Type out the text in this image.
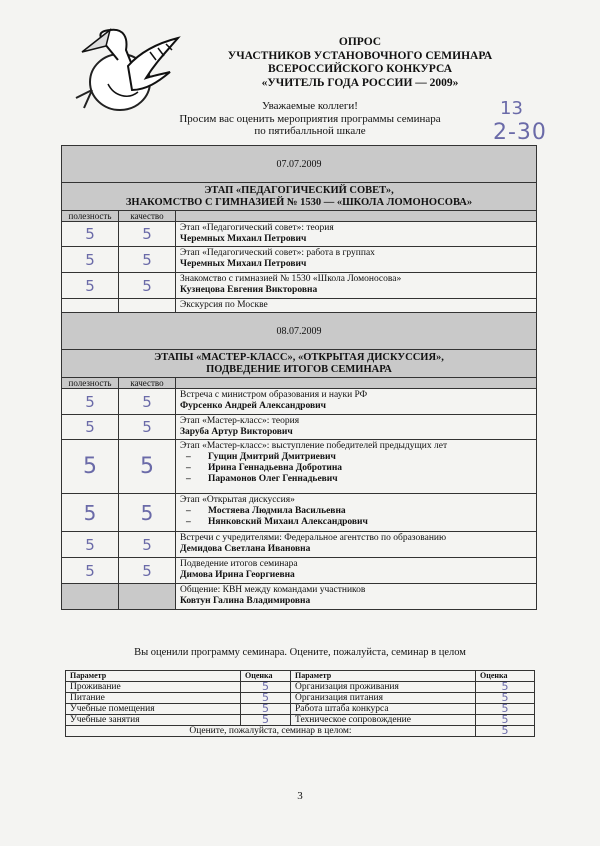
ОПРОС
УЧАСТНИКОВ УСТАНОВОЧНОГО СЕМИНАРА
ВСЕРОССИЙСКОГО КОНКУРСА
«УЧИТЕЛЬ ГОДА РОССИИ — 2009»
Уважаемые коллеги!
Просим вас оценить мероприятия программы семинара
по пятибалльной шкале
13
2-30
07.07.2009		

ЭТАП «ПЕДАГОГИЧЕСКИЙ СОВЕТ»,
ЗНАКОМСТВО С ГИМНАЗИЕЙ № 1530 — «ШКОЛА ЛОМОНОСОВА»		

полезность	качество	
5	5	Этап «Педагогический совет»: теория
Черемных Михаил Петрович
5	5	Этап «Педагогический совет»: работа в группах
Черемных Михаил Петрович
5	5	Знакомство с гимназией № 1530 «Школа Ломоносова»
Кузнецова Евгения Викторовна
		Экскурсия по Москве
08.07.2009		

ЭТАПЫ «МАСТЕР-КЛАСС», «ОТКРЫТАЯ ДИСКУССИЯ»,
ПОДВЕДЕНИЕ ИТОГОВ СЕМИНАРА		

полезность	качество	
5	5	Встреча с министром образования и науки РФ
Фурсенко Андрей Александрович
5	5	Этап «Мастер-класс»: теория
Заруба Артур Викторович
5	5	Этап «Мастер-класс»: выступление победителей предыдущих лет
– Гущин Дмитрий Дмитриевич
– Ирина Геннадьевна Добротина
– Парамонов Олег Геннадьевич

5	5	Этап «Открытая дискуссия»
– Мостяева Людмила Васильевна
– Нянковский Михаил Александрович

5	5	Встречи с учредителями: Федеральное агентство по образованию
Демидова Светлана Ивановна
5	5	Подведение итогов семинара
Димова Ирина Георгиевна
		Общение: КВН между командами участников
Ковтун Галина Владимировна
Вы оценили программу семинара. Оцените, пожалуйста, семинар в целом
Параметр	Оценка	Параметр	Оценка
Проживание	5	Организация проживания	5
Питание	5	Организация питания	5
Учебные помещения	5	Работа штаба конкурса	5
Учебные занятия	5	Техническое сопровождение	5
Оцените, пожалуйста, семинар в целом:			5
3
